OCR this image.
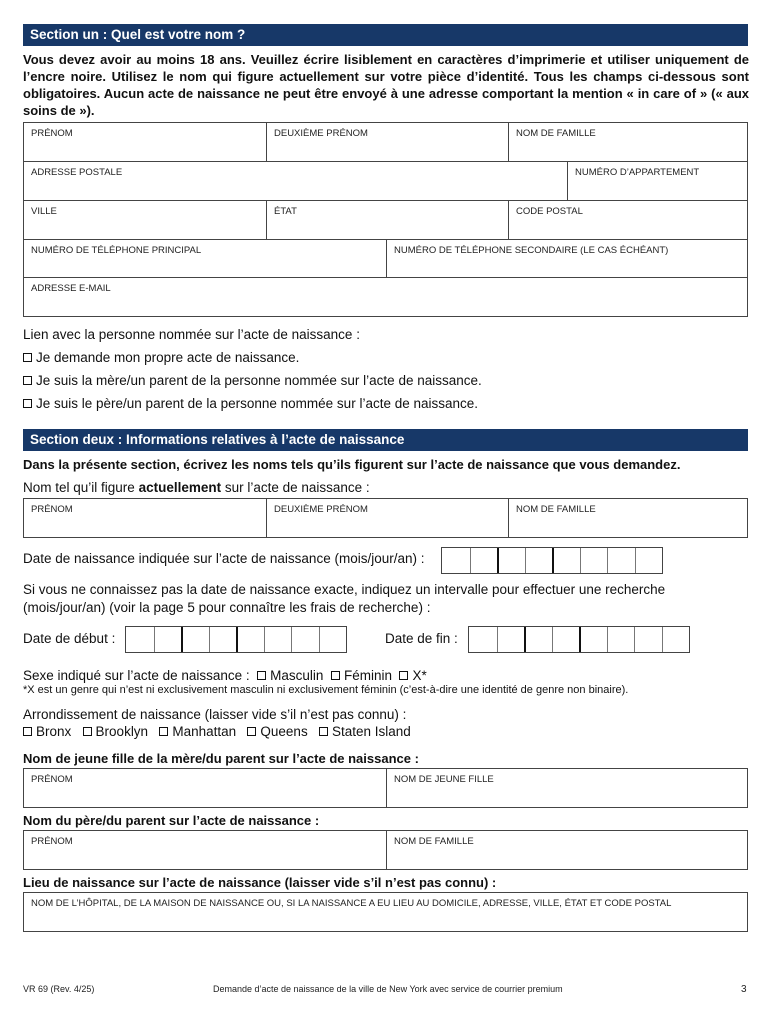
Section un : Quel est votre nom ?
Vous devez avoir au moins 18 ans. Veuillez écrire lisiblement en caractères d’imprimerie et utiliser uniquement de l’encre noire. Utilisez le nom qui figure actuellement sur votre pièce d’identité. Tous les champs ci-dessous sont obligatoires. Aucun acte de naissance ne peut être envoyé à une adresse comportant la mention « in care of » (« aux soins de »).
PRÉNOM	DEUXIÈME PRÉNOM	NOM DE FAMILLE
ADRESSE POSTALE	NUMÉRO D’APPARTEMENT
VILLE	ÉTAT	CODE POSTAL
NUMÉRO DE TÉLÉPHONE PRINCIPAL	NUMÉRO DE TÉLÉPHONE SECONDAIRE (LE CAS ÉCHÉANT)
ADRESSE E-MAIL
Lien avec la personne nommée sur l’acte de naissance :
Je demande mon propre acte de naissance.
Je suis la mère/un parent de la personne nommée sur l’acte de naissance.
Je suis le père/un parent de la personne nommée sur l’acte de naissance.
Section deux : Informations relatives à l’acte de naissance
Dans la présente section, écrivez les noms tels qu’ils figurent sur l’acte de naissance que vous demandez.
Nom tel qu’il figure actuellement sur l’acte de naissance :
PRÉNOM	DEUXIÈME PRÉNOM	NOM DE FAMILLE
Date de naissance indiquée sur l’acte de naissance (mois/jour/an) :
Si vous ne connaissez pas la date de naissance exacte, indiquez un intervalle pour effectuer une recherche
(mois/jour/an) (voir la page 5 pour connaître les frais de recherche) :
Date de début :	Date de fin :
Sexe indiqué sur l’acte de naissance : Masculin Féminin X*
*X est un genre qui n’est ni exclusivement masculin ni exclusivement féminin (c’est-à-dire une identité de genre non binaire).
Arrondissement de naissance (laisser vide s’il n’est pas connu) :
Bronx Brooklyn Manhattan Queens Staten Island
Nom de jeune fille de la mère/du parent sur l’acte de naissance :
PRÉNOM	NOM DE JEUNE FILLE
Nom du père/du parent sur l’acte de naissance :
PRÉNOM	NOM DE FAMILLE
Lieu de naissance sur l’acte de naissance (laisser vide s’il n’est pas connu) :
NOM DE L’HÔPITAL, DE LA MAISON DE NAISSANCE OU, SI LA NAISSANCE A EU LIEU AU DOMICILE, ADRESSE, VILLE, ÉTAT ET CODE POSTAL
VR 69 (Rev. 4/25)	Demande d’acte de naissance de la ville de New York avec service de courrier premium	3
